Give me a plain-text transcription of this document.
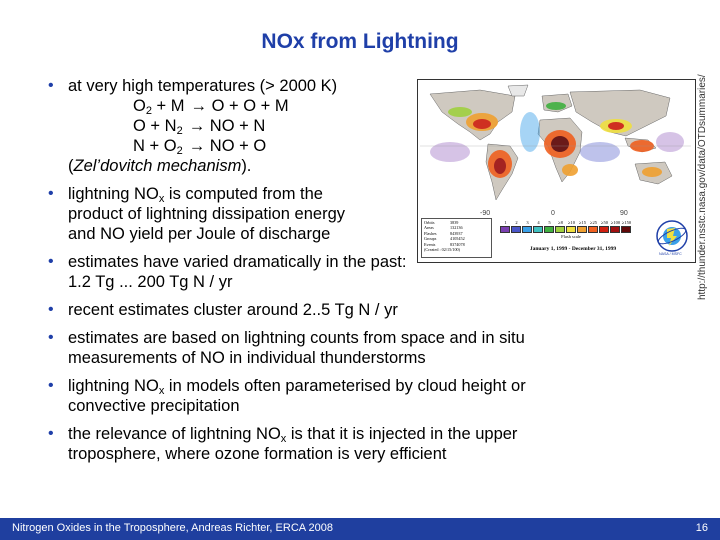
NOx from Lightning
• at very high temperatures (> 2000 K)
$O_2 + M \to O + O + M$
$O + N_2$ → NO + N
$N + O_2$ → NO + O
(Zel’dovitch mechanism).
• lightning $NO_x$ is computed from the
product of lightning dissipation energy
and NO yield per Joule of discharge
• estimates have varied dramatically in the past:
1.2 Tg ... 200 Tg N / yr
• recent estimates cluster around 2..5 Tg N / yr
• estimates are based on lightning counts from space and in situ
measurements of NO in individual thunderstorms
• lightning $NO_x$ in models often parameterised by cloud height or
convective precipitation
• the relevance of lightning $NO_x$ is that it is injected in the upper
troposphere, where ozone formation is very efficient
-90	0	90
Orbits	3839
Areas	132136
Flashes	843937
Groups	4105452
Events	8374078
(Created : 02/15/100)
1	2	3	4	5	≥8	≥10 ≥15 ≥25 ≥50 ≥100 ≥150
Flash scale
January 1, 1999 - December 31, 1999
NASA / MSFC http://thunder.nsstc.nasa.gov/data/OTDsummaries/
Nitrogen Oxides in the Troposphere, Andreas Richter, ERCA 2008	16
